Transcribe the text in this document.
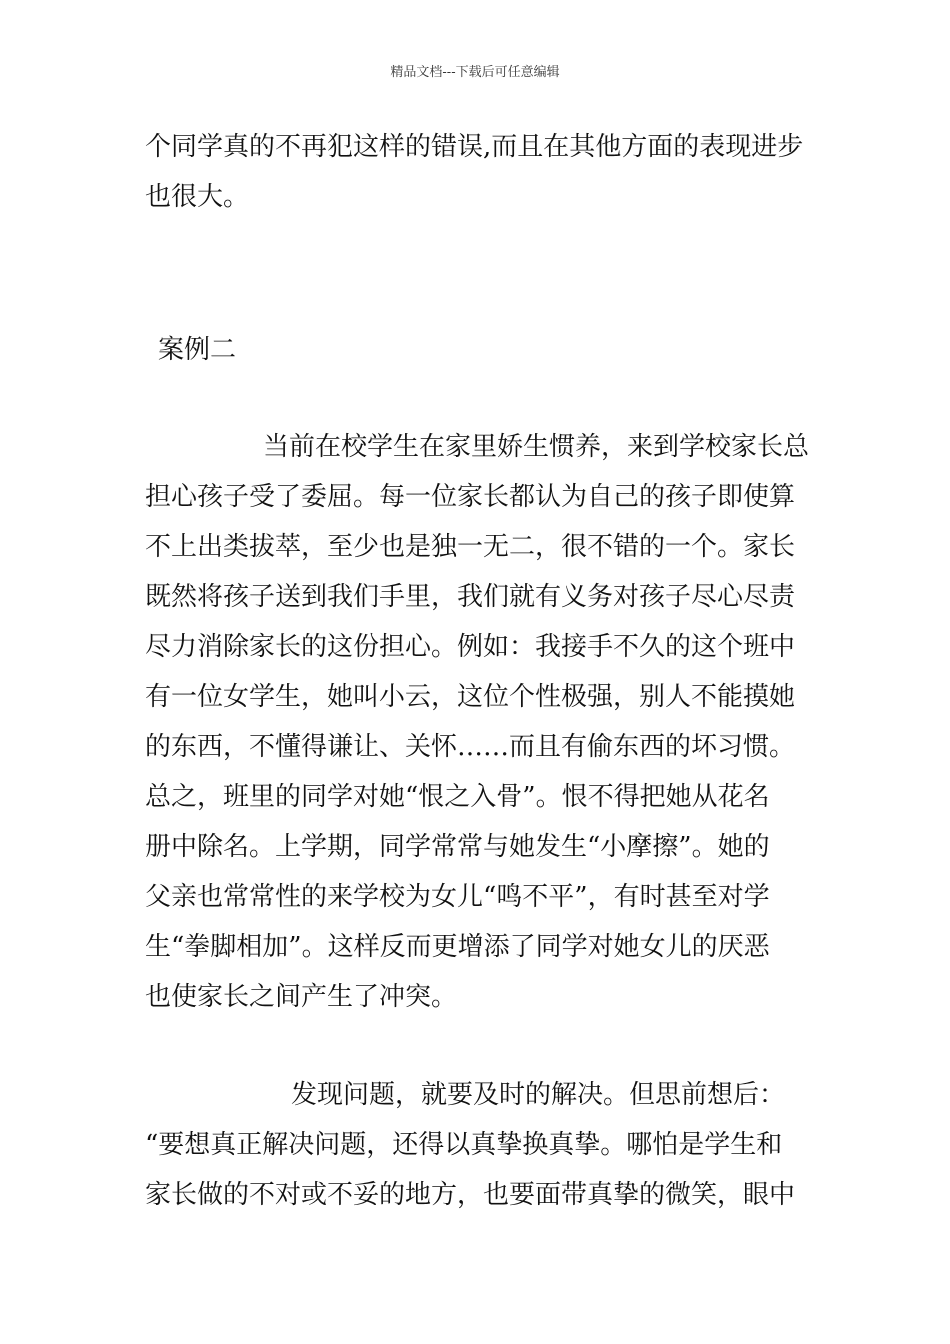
精品文档---下载后可任意编辑
个同学真的不再犯这样的错误,而且在其他方面的表现进步
也很大。
案例二
当前在校学生在家里娇生惯养，来到学校家长总
担心孩子受了委屈。每一位家长都认为自己的孩子即使算
不上出类拔萃，至少也是独一无二，很不错的一个。家长
既然将孩子送到我们手里，我们就有义务对孩子尽心尽责
尽力消除家长的这份担心。例如：我接手不久的这个班中
有一位女学生，她叫小云，这位个性极强，别人不能摸她
的东西，不懂得谦让、关怀……而且有偷东西的坏习惯。
总之，班里的同学对她“恨之入骨”。恨不得把她从花名
册中除名。上学期，同学常常与她发生“小摩擦”。她的
父亲也常常性的来学校为女儿“鸣不平”，有时甚至对学
生“拳脚相加”。这样反而更增添了同学对她女儿的厌恶
也使家长之间产生了冲突。
发现问题，就要及时的解决。但思前想后：
“要想真正解决问题，还得以真挚换真挚。哪怕是学生和
家长做的不对或不妥的地方，也要面带真挚的微笑，眼中
